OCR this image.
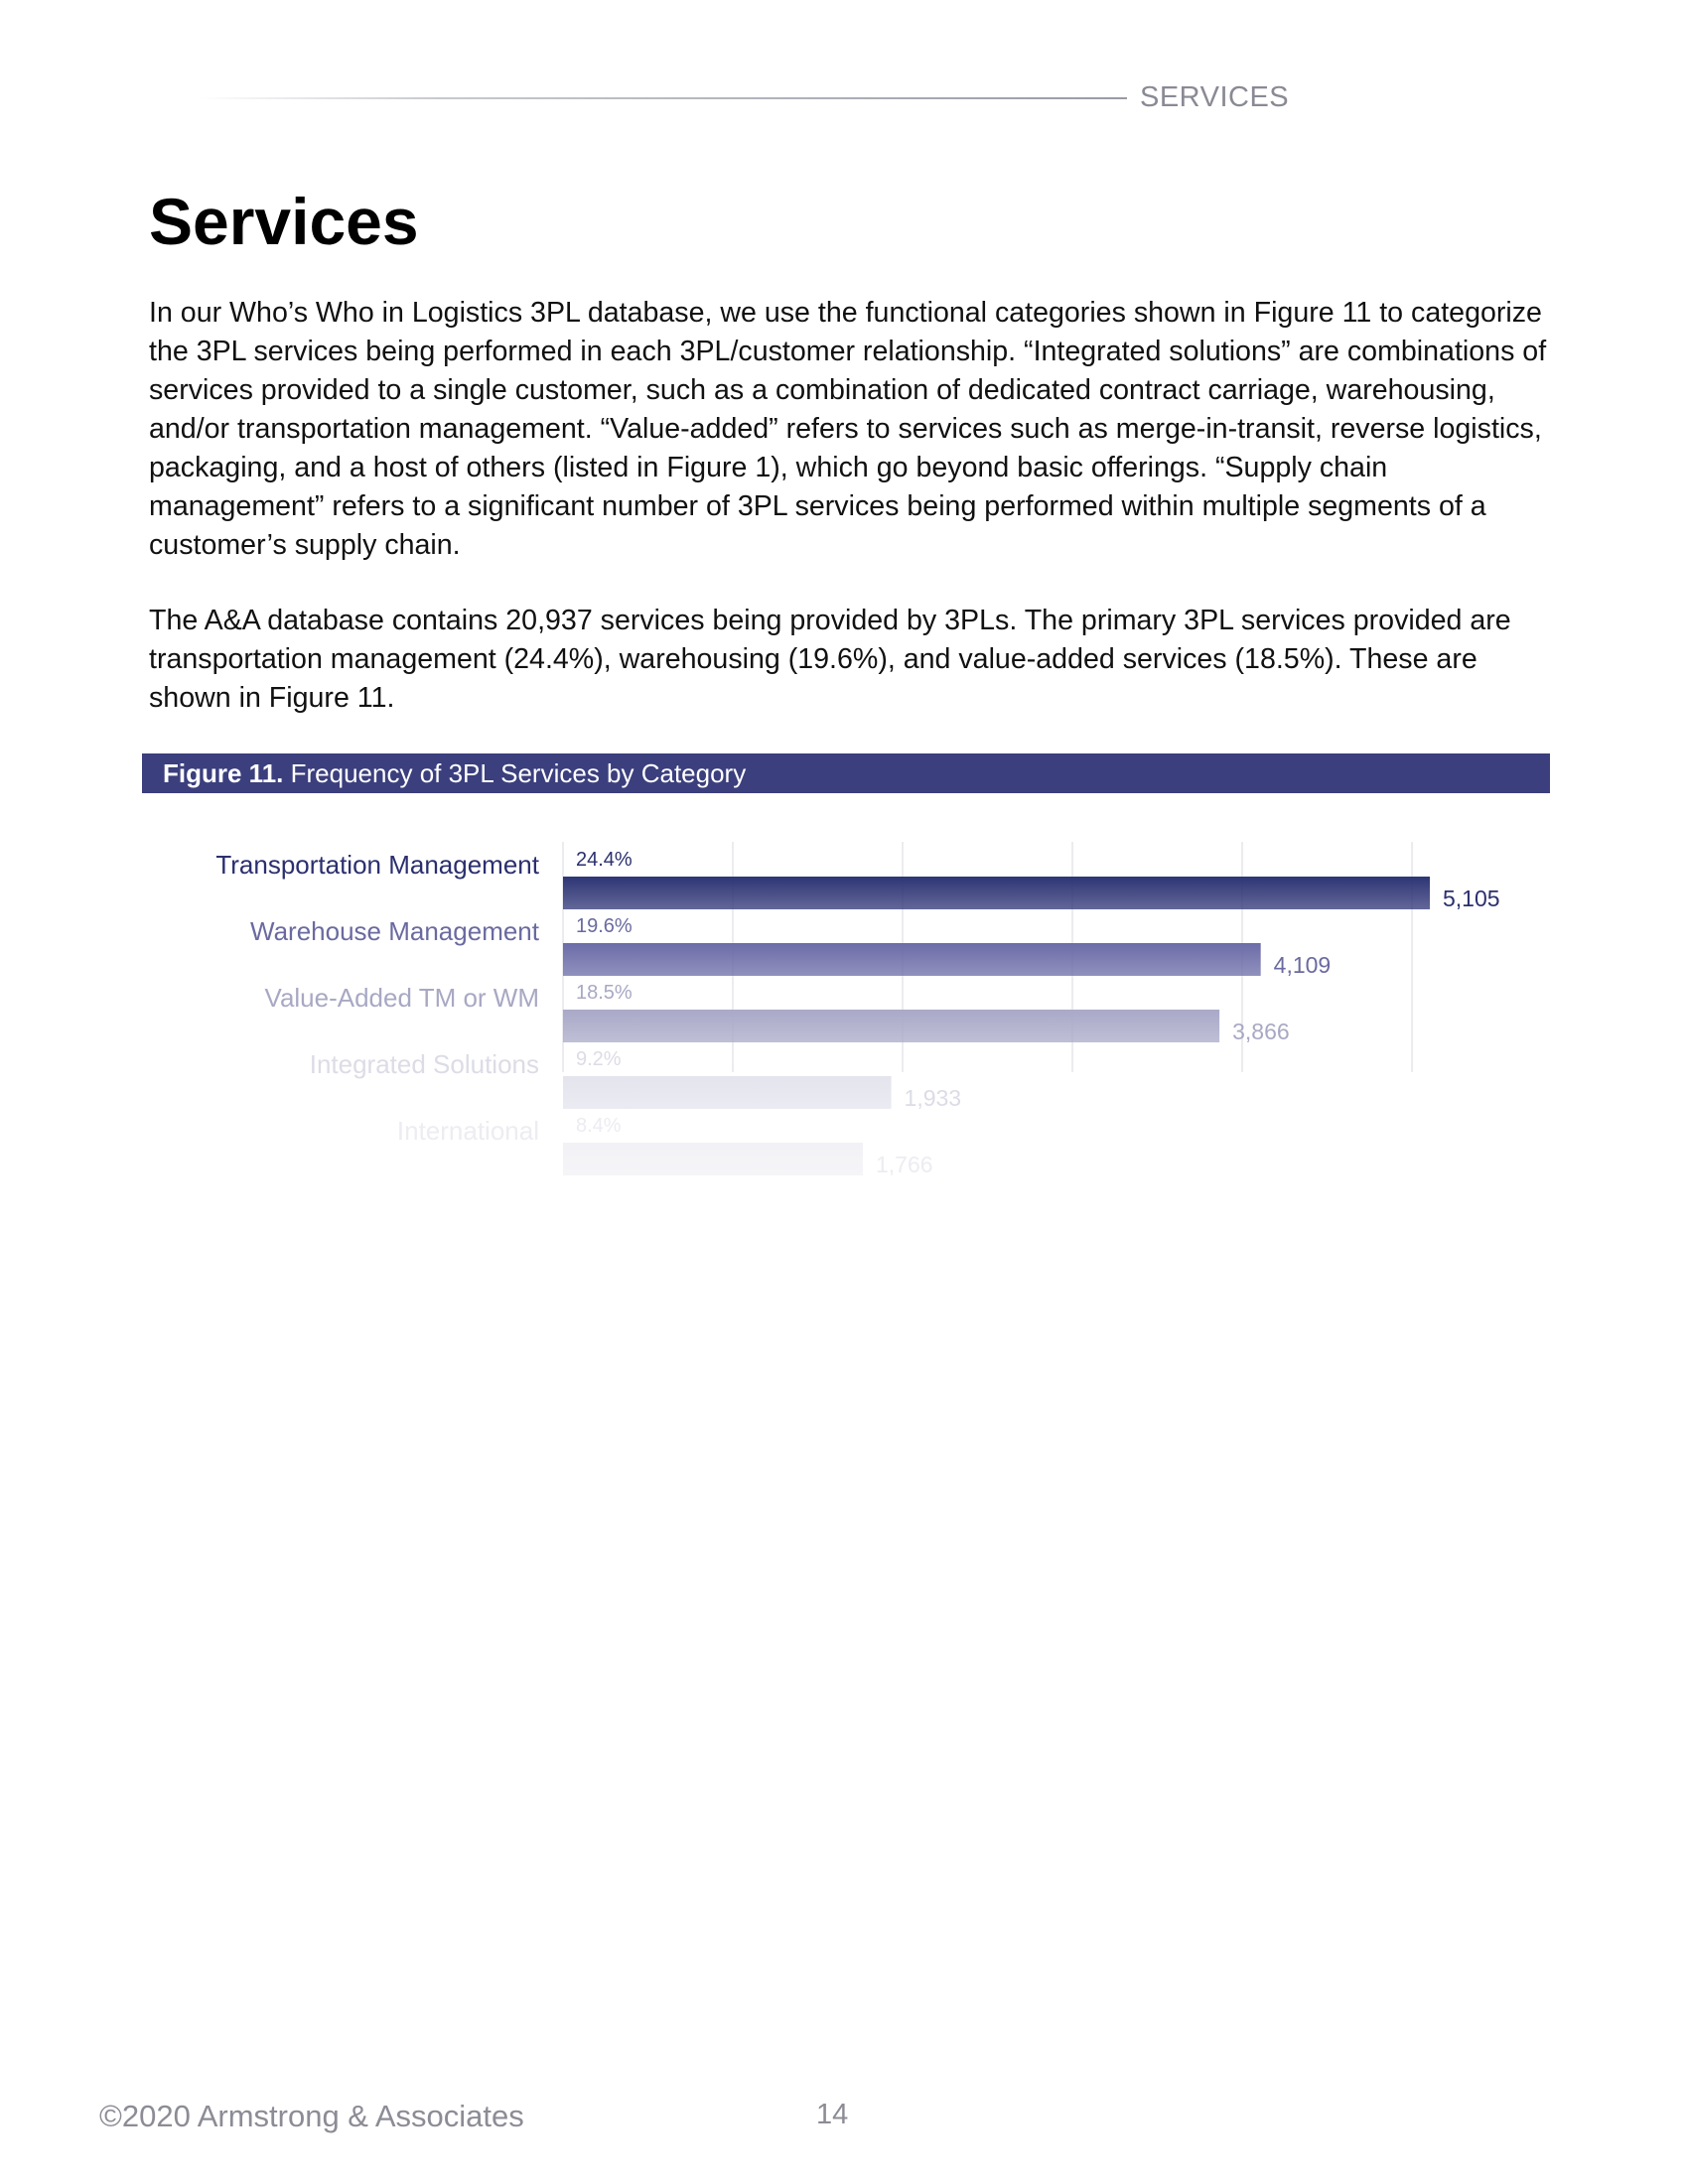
SERVICES
Services

In our Who’s Who in Logistics 3PL database, we use the functional categories shown in Figure 11 to categorize the 3PL services being performed in each 3PL/customer relationship. “Integrated solutions” are combinations of services provided to a single customer, such as a combination of dedicated contract carriage, warehousing, and/or transportation management. “Value-added” refers to services such as merge-in-transit, reverse logistics, packaging, and a host of others (listed in Figure 1), which go beyond basic offerings. “Supply chain management” refers to a significant number of 3PL services being performed within multiple segments of a customer’s supply chain.

The A&A database contains 20,937 services being provided by 3PLs. The primary 3PL services provided are transportation management (24.4%), warehousing (19.6%), and value-added services (18.5%). These are shown in Figure 11.

Figure 11. Frequency of 3PL Services by Category
Transportation Management 24.4%
5,105
Warehouse Management 19.6%
4,109
Value-Added TM or WM 18.5%
3,866
Integrated Solutions 9.2%
1,933
International 8.4%
1,766
©2020 Armstrong & Associates	14
